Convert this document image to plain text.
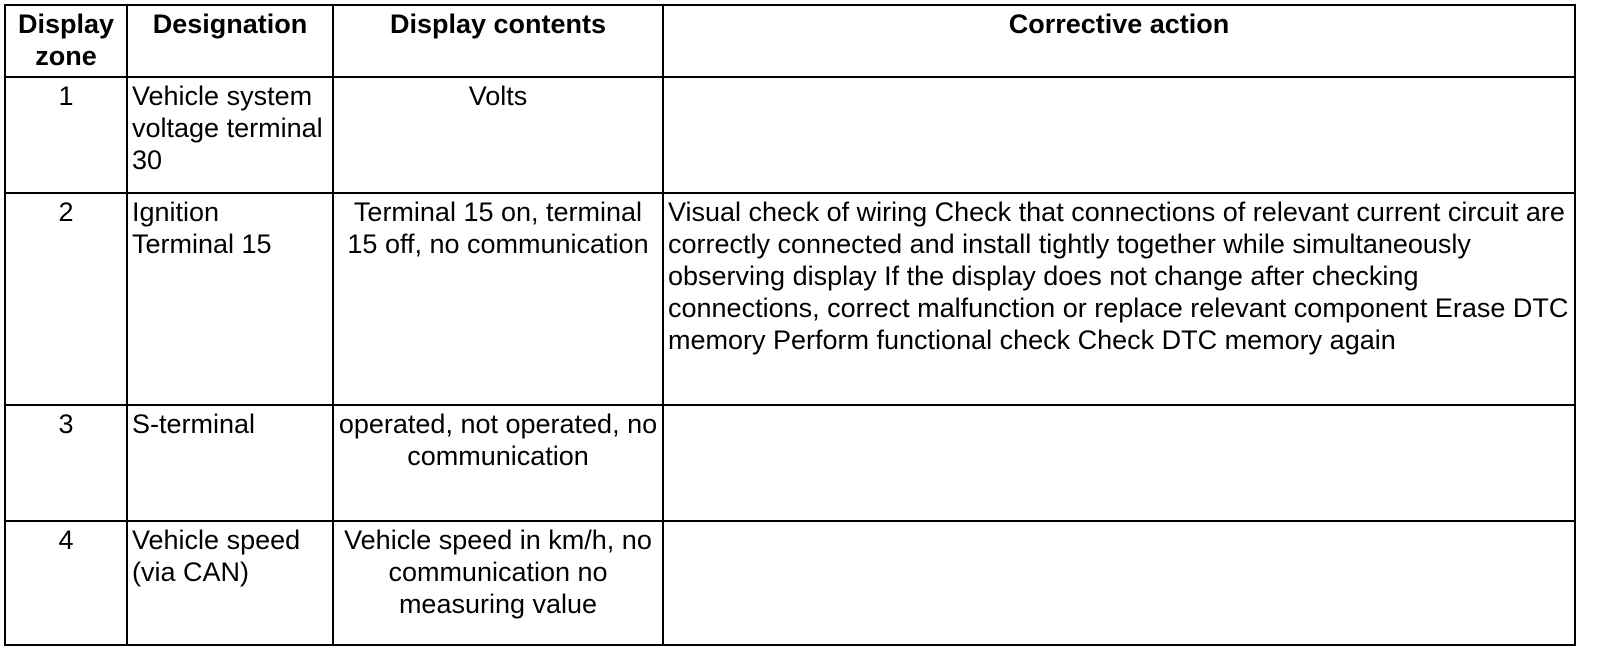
Display zone	Designation	Display contents	Corrective action
1	Vehicle system voltage terminal 30	Volts	
2	Ignition Terminal 15	Terminal 15 on, terminal 15 off, no communication	Visual check of wiring Check that connections of relevant current circuit are correctly connected and install tightly together while simultaneously observing display If the display does not change after checking connections, correct malfunction or replace relevant component Erase DTC memory Perform functional check Check DTC memory again
3	S-terminal	operated, not operated, no communication	
4	Vehicle speed (via CAN)	Vehicle speed in km/h, no communication no measuring value	
